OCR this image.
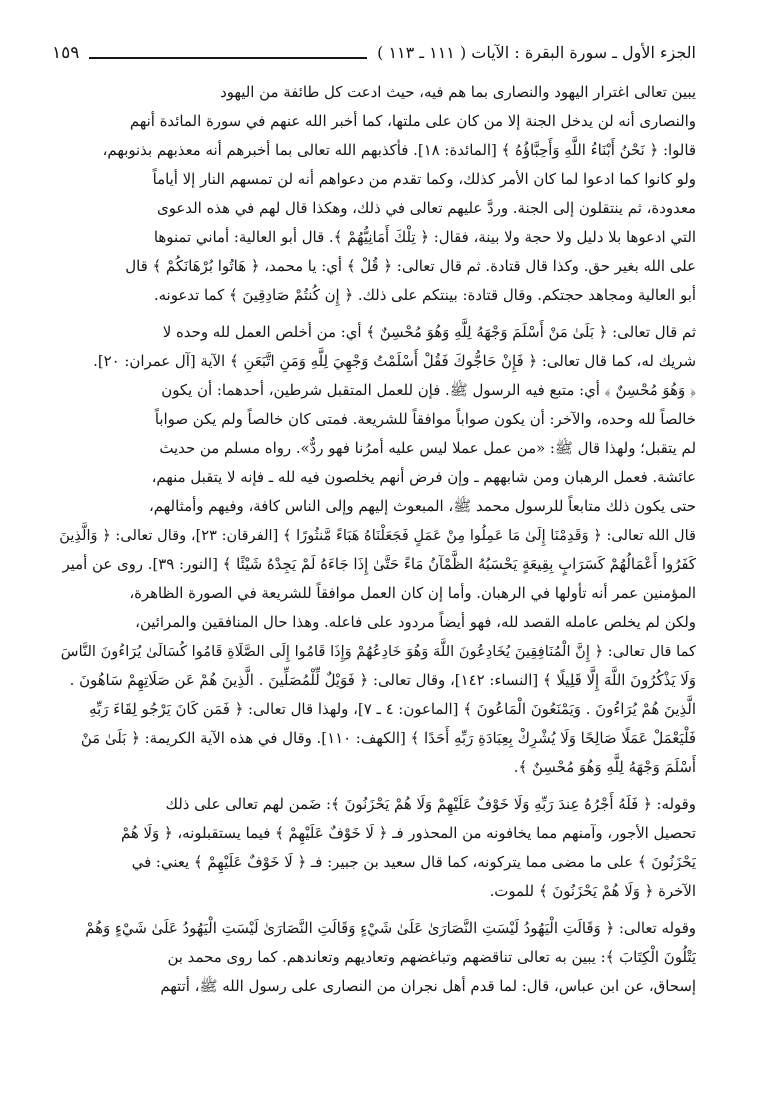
الجزء الأول ـ سورة البقرة : الآيات ( ١١١ ـ ١١٣ )
١٥٩

يبين تعالى اغترار اليهود والنصارى بما هم فيه، حيث ادعت كل طائفة من اليهود
والنصارى أنه لن يدخل الجنة إلا من كان على ملتها، كما أخبر الله عنهم في سورة المائدة أنهم
قالوا: ﴿ نَحْنُ أَبْنَاءُ اللَّهِ وَأَحِبَّاؤُهُ ﴾ [المائدة: ١٨]. فأكذبهم الله تعالى بما أخبرهم أنه معذبهم بذنوبهم،
ولو كانوا كما ادعوا لما كان الأمر كذلك، وكما تقدم من دعواهم أنه لن تمسهم النار إلا أياماً
معدودة، ثم ينتقلون إلى الجنة. وردَّ عليهم تعالى في ذلك، وهكذا قال لهم في هذه الدعوى
التي ادعوها بلا دليل ولا حجة ولا بينة، فقال: ﴿ تِلْكَ أَمَانِيُّهُمْ ﴾. قال أبو العالية: أماني تمنوها
على الله بغير حق. وكذا قال قتادة. ثم قال تعالى: ﴿ قُلْ ﴾ أي: يا محمد، ﴿ هَاتُوا بُرْهَانَكُمْ ﴾ قال
أبو العالية ومجاهد حجتكم. وقال قتادة: بينتكم على ذلك. ﴿ إِن كُنتُمْ صَادِقِينَ ﴾ كما تدعونه.

ثم قال تعالى: ﴿ بَلَىٰ مَنْ أَسْلَمَ وَجْهَهُ لِلَّهِ وَهُوَ مُحْسِنٌ ﴾ أي: من أخلص العمل لله وحده لا
شريك له، كما قال تعالى: ﴿ فَإِنْ حَاجُّوكَ فَقُلْ أَسْلَمْتُ وَجْهِيَ لِلَّهِ وَمَنِ اتَّبَعَنِ ﴾ الآية [آل عمران: ٢٠].
﴿ وَهُوَ مُحْسِنٌ ﴾ أي: متبع فيه الرسول ﷺ. فإن للعمل المتقبل شرطين، أحدهما: أن يكون
خالصاً لله وحده، والآخر: أن يكون صواباً موافقاً للشريعة. فمتى كان خالصاً ولم يكن صواباً
لم يتقبل؛ ولهذا قال ﷺ: «من عمل عملا ليس عليه أمرُنا فهو ردٌّ». رواه مسلم من حديث
عائشة. فعمل الرهبان ومن شابههم ـ وإن فرض أنهم يخلصون فيه لله ـ فإنه لا يتقبل منهم،
حتى يكون ذلك متابعاً للرسول محمد ﷺ، المبعوث إليهم وإلى الناس كافة، وفيهم وأمثالهم،
قال الله تعالى: ﴿ وَقَدِمْنَا إِلَىٰ مَا عَمِلُوا مِنْ عَمَلٍ فَجَعَلْنَاهُ هَبَاءً مَّنثُورًا ﴾ [الفرقان: ٢٣]، وقال تعالى: ﴿ وَالَّذِينَ
كَفَرُوا أَعْمَالُهُمْ كَسَرَابٍ بِقِيعَةٍ يَحْسَبُهُ الظَّمْآنُ مَاءً حَتَّىٰ إِذَا جَاءَهُ لَمْ يَجِدْهُ شَيْئًا ﴾ [النور: ٣٩]. روى عن أمير
المؤمنين عمر أنه تأولها في الرهبان. وأما إن كان العمل موافقاً للشريعة في الصورة الظاهرة،
ولكن لم يخلص عامله القصد لله، فهو أيضاً مردود على فاعله. وهذا حال المنافقين والمرائين،
كما قال تعالى: ﴿ إِنَّ الْمُنَافِقِينَ يُخَادِعُونَ اللَّهَ وَهُوَ خَادِعُهُمْ وَإِذَا قَامُوا إِلَى الصَّلَاةِ قَامُوا كُسَالَىٰ يُرَاءُونَ النَّاسَ
وَلَا يَذْكُرُونَ اللَّهَ إِلَّا قَلِيلًا ﴾ [النساء: ١٤٢]، وقال تعالى: ﴿ فَوَيْلٌ لِّلْمُصَلِّينَ . الَّذِينَ هُمْ عَن صَلَاتِهِمْ سَاهُونَ .
الَّذِينَ هُمْ يُرَاءُونَ . وَيَمْنَعُونَ الْمَاعُونَ ﴾ [الماعون: ٤ ـ ٧]، ولهذا قال تعالى: ﴿ فَمَن كَانَ يَرْجُو لِقَاءَ رَبِّهِ
فَلْيَعْمَلْ عَمَلًا صَالِحًا وَلَا يُشْرِكْ بِعِبَادَةِ رَبِّهِ أَحَدًا ﴾ [الكهف: ١١٠]. وقال في هذه الآية الكريمة: ﴿ بَلَىٰ مَنْ
أَسْلَمَ وَجْهَهُ لِلَّهِ وَهُوَ مُحْسِنٌ ﴾.

وقوله: ﴿ فَلَهُ أَجْرُهُ عِندَ رَبِّهِ وَلَا خَوْفٌ عَلَيْهِمْ وَلَا هُمْ يَحْزَنُونَ ﴾: ضَمن لهم تعالى على ذلك
تحصيل الأجور، وآمنهم مما يخافونه من المحذور فـ ﴿ لَا خَوْفٌ عَلَيْهِمْ ﴾ فيما يستقبلونه، ﴿ وَلَا هُمْ
يَحْزَنُونَ ﴾ على ما مضى مما يتركونه، كما قال سعيد بن جبير: فـ ﴿ لَا خَوْفٌ عَلَيْهِمْ ﴾ يعني: في
الآخرة ﴿ وَلَا هُمْ يَحْزَنُونَ ﴾ للموت.

وقوله تعالى: ﴿ وَقَالَتِ الْيَهُودُ لَيْسَتِ النَّصَارَىٰ عَلَىٰ شَيْءٍ وَقَالَتِ النَّصَارَىٰ لَيْسَتِ الْيَهُودُ عَلَىٰ شَيْءٍ وَهُمْ
يَتْلُونَ الْكِتَابَ ﴾: يبين به تعالى تناقضهم وتباغضهم وتعاديهم وتعاندهم. كما روى محمد بن
إسحاق، عن ابن عباس، قال: لما قدم أهل نجران من النصارى على رسول الله ﷺ، أتتهم
